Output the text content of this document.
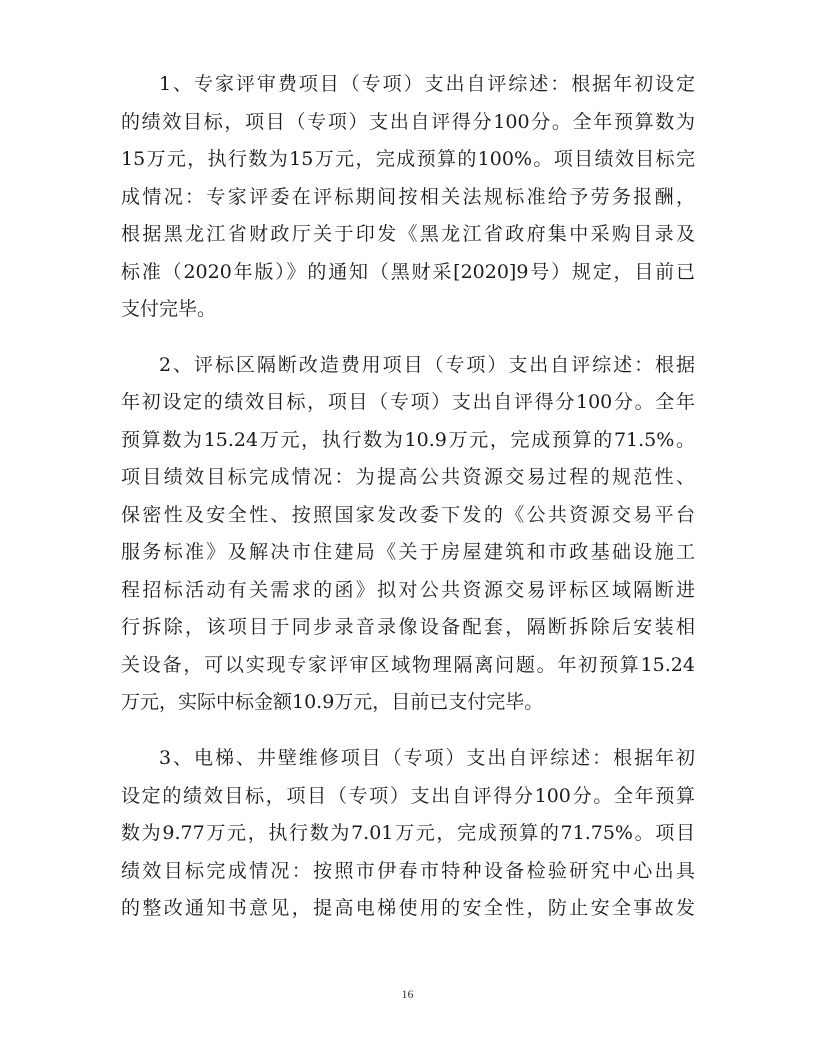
1、专家评审费项目（专项）支出自评综述：根据年初设定
的绩效目标，项目（专项）支出自评得分100分。全年预算数为
15万元，执行数为15万元，完成预算的100%。项目绩效目标完
成情况：专家评委在评标期间按相关法规标准给予劳务报酬，
根据黑龙江省财政厅关于印发《黑龙江省政府集中采购目录及
标准（2020年版）》的通知（黑财采[2020]9号）规定，目前已
支付完毕。
2、评标区隔断改造费用项目（专项）支出自评综述：根据
年初设定的绩效目标，项目（专项）支出自评得分100分。全年
预算数为15.24万元，执行数为10.9万元，完成预算的71.5%。
项目绩效目标完成情况：为提高公共资源交易过程的规范性、
保密性及安全性、按照国家发改委下发的《公共资源交易平台
服务标准》及解决市住建局《关于房屋建筑和市政基础设施工
程招标活动有关需求的函》拟对公共资源交易评标区域隔断进
行拆除，该项目于同步录音录像设备配套，隔断拆除后安装相
关设备，可以实现专家评审区域物理隔离问题。年初预算15.24
万元，实际中标金额10.9万元，目前已支付完毕。
3、电梯、井壁维修项目（专项）支出自评综述：根据年初
设定的绩效目标，项目（专项）支出自评得分100分。全年预算
数为9.77万元，执行数为7.01万元，完成预算的71.75%。项目
绩效目标完成情况：按照市伊春市特种设备检验研究中心出具
的整改通知书意见，提高电梯使用的安全性，防止安全事故发
16
